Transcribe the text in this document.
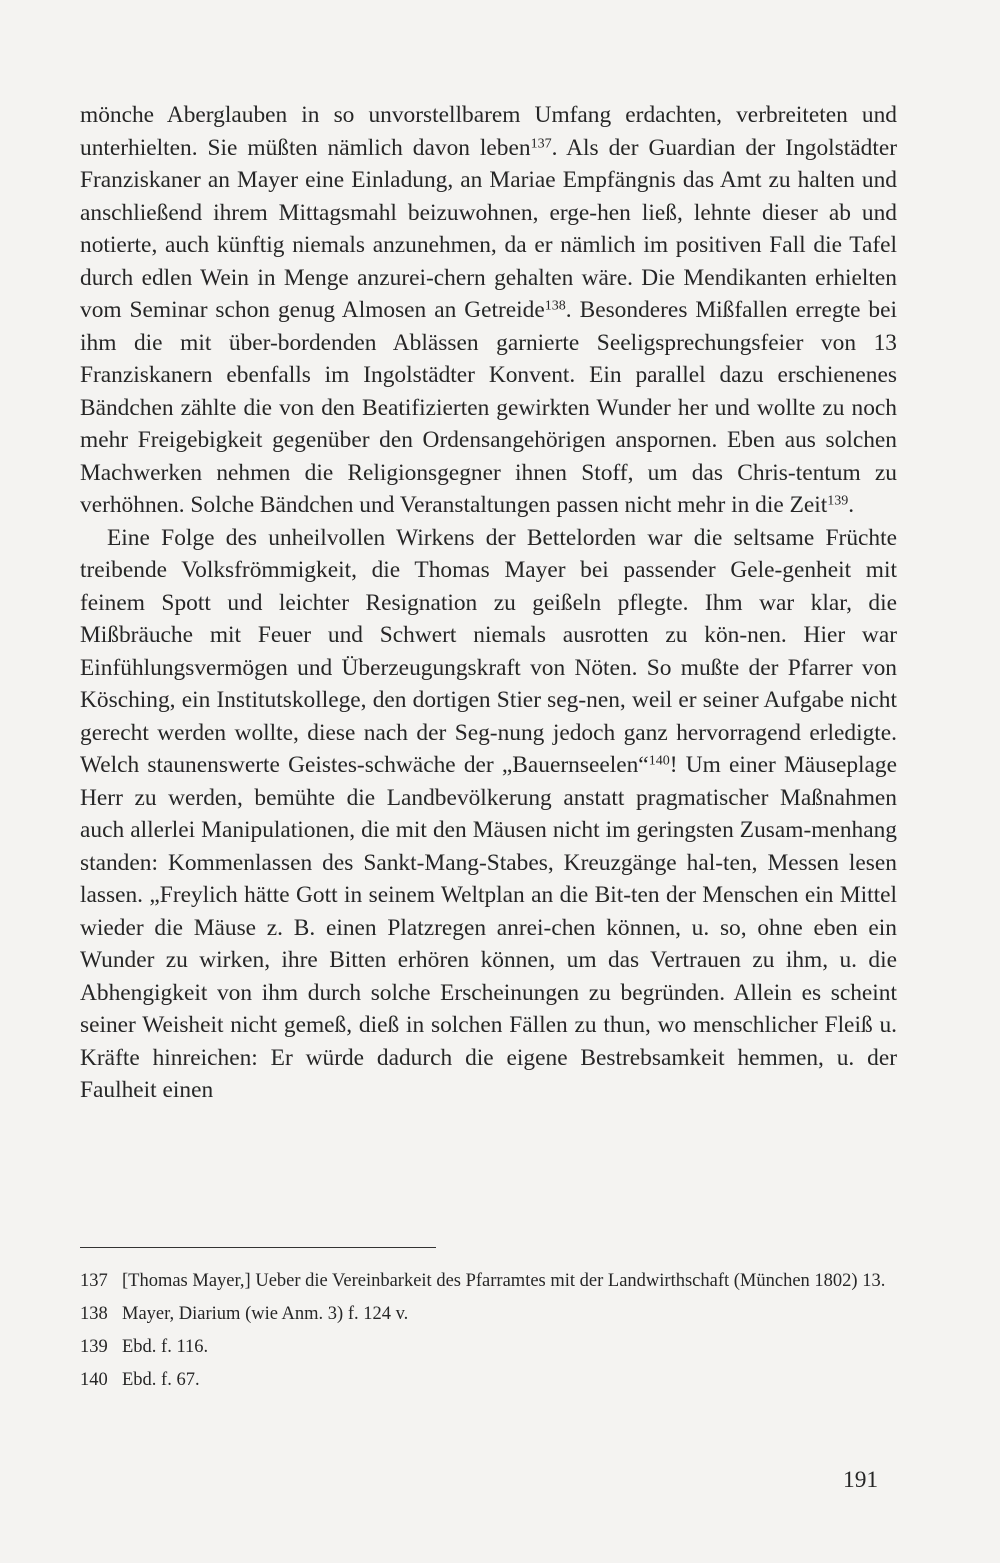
mönche Aberglauben in so unvorstellbarem Umfang erdachten, verbreiteten und unterhielten. Sie müßten nämlich davon leben$^{137}$. Als der Guardian der Ingolstädter Franziskaner an Mayer eine Einladung, an Mariae Empfängnis das Amt zu halten und anschließend ihrem Mittagsmahl beizuwohnen, erge-hen ließ, lehnte dieser ab und notierte, auch künftig niemals anzunehmen, da er nämlich im positiven Fall die Tafel durch edlen Wein in Menge anzurei-chern gehalten wäre. Die Mendikanten erhielten vom Seminar schon genug Almosen an Getreide$^{138}$. Besonderes Mißfallen erregte bei ihm die mit über-bordenden Ablässen garnierte Seeligsprechungsfeier von 13 Franziskanern ebenfalls im Ingolstädter Konvent. Ein parallel dazu erschienenes Bändchen zählte die von den Beatifizierten gewirkten Wunder her und wollte zu noch mehr Freigebigkeit gegenüber den Ordensangehörigen anspornen. Eben aus solchen Machwerken nehmen die Religionsgegner ihnen Stoff, um das Chris-tentum zu verhöhnen. Solche Bändchen und Veranstaltungen passen nicht mehr in die Zeit$^{139}$.

Eine Folge des unheilvollen Wirkens der Bettelorden war die seltsame Früchte treibende Volksfrömmigkeit, die Thomas Mayer bei passender Gele-genheit mit feinem Spott und leichter Resignation zu geißeln pflegte. Ihm war klar, die Mißbräuche mit Feuer und Schwert niemals ausrotten zu kön-nen. Hier war Einfühlungsvermögen und Überzeugungskraft von Nöten. So mußte der Pfarrer von Kösching, ein Institutskollege, den dortigen Stier seg-nen, weil er seiner Aufgabe nicht gerecht werden wollte, diese nach der Seg-nung jedoch ganz hervorragend erledigte. Welch staunenswerte Geistes-schwäche der „Bauernseelen“$^{140}$! Um einer Mäuseplage Herr zu werden, bemühte die Landbevölkerung anstatt pragmatischer Maßnahmen auch allerlei Manipulationen, die mit den Mäusen nicht im geringsten Zusam-menhang standen: Kommenlassen des Sankt-Mang-Stabes, Kreuzgänge hal-ten, Messen lesen lassen. „Freylich hätte Gott in seinem Weltplan an die Bit-ten der Menschen ein Mittel wieder die Mäuse z. B. einen Platzregen anrei-chen können, u. so, ohne eben ein Wunder zu wirken, ihre Bitten erhören können, um das Vertrauen zu ihm, u. die Abhengigkeit von ihm durch solche Erscheinungen zu begründen. Allein es scheint seiner Weisheit nicht gemeß, dieß in solchen Fällen zu thun, wo menschlicher Fleiß u. Kräfte hinreichen: Er würde dadurch die eigene Bestrebsamkeit hemmen, u. der Faulheit einen

137 [Thomas Mayer,] Ueber die Vereinbarkeit des Pfarramtes mit der Landwirthschaft (München 1802) 13.
138 Mayer, Diarium (wie Anm. 3) f. 124 v.
139 Ebd. f. 116.
140 Ebd. f. 67.
191
